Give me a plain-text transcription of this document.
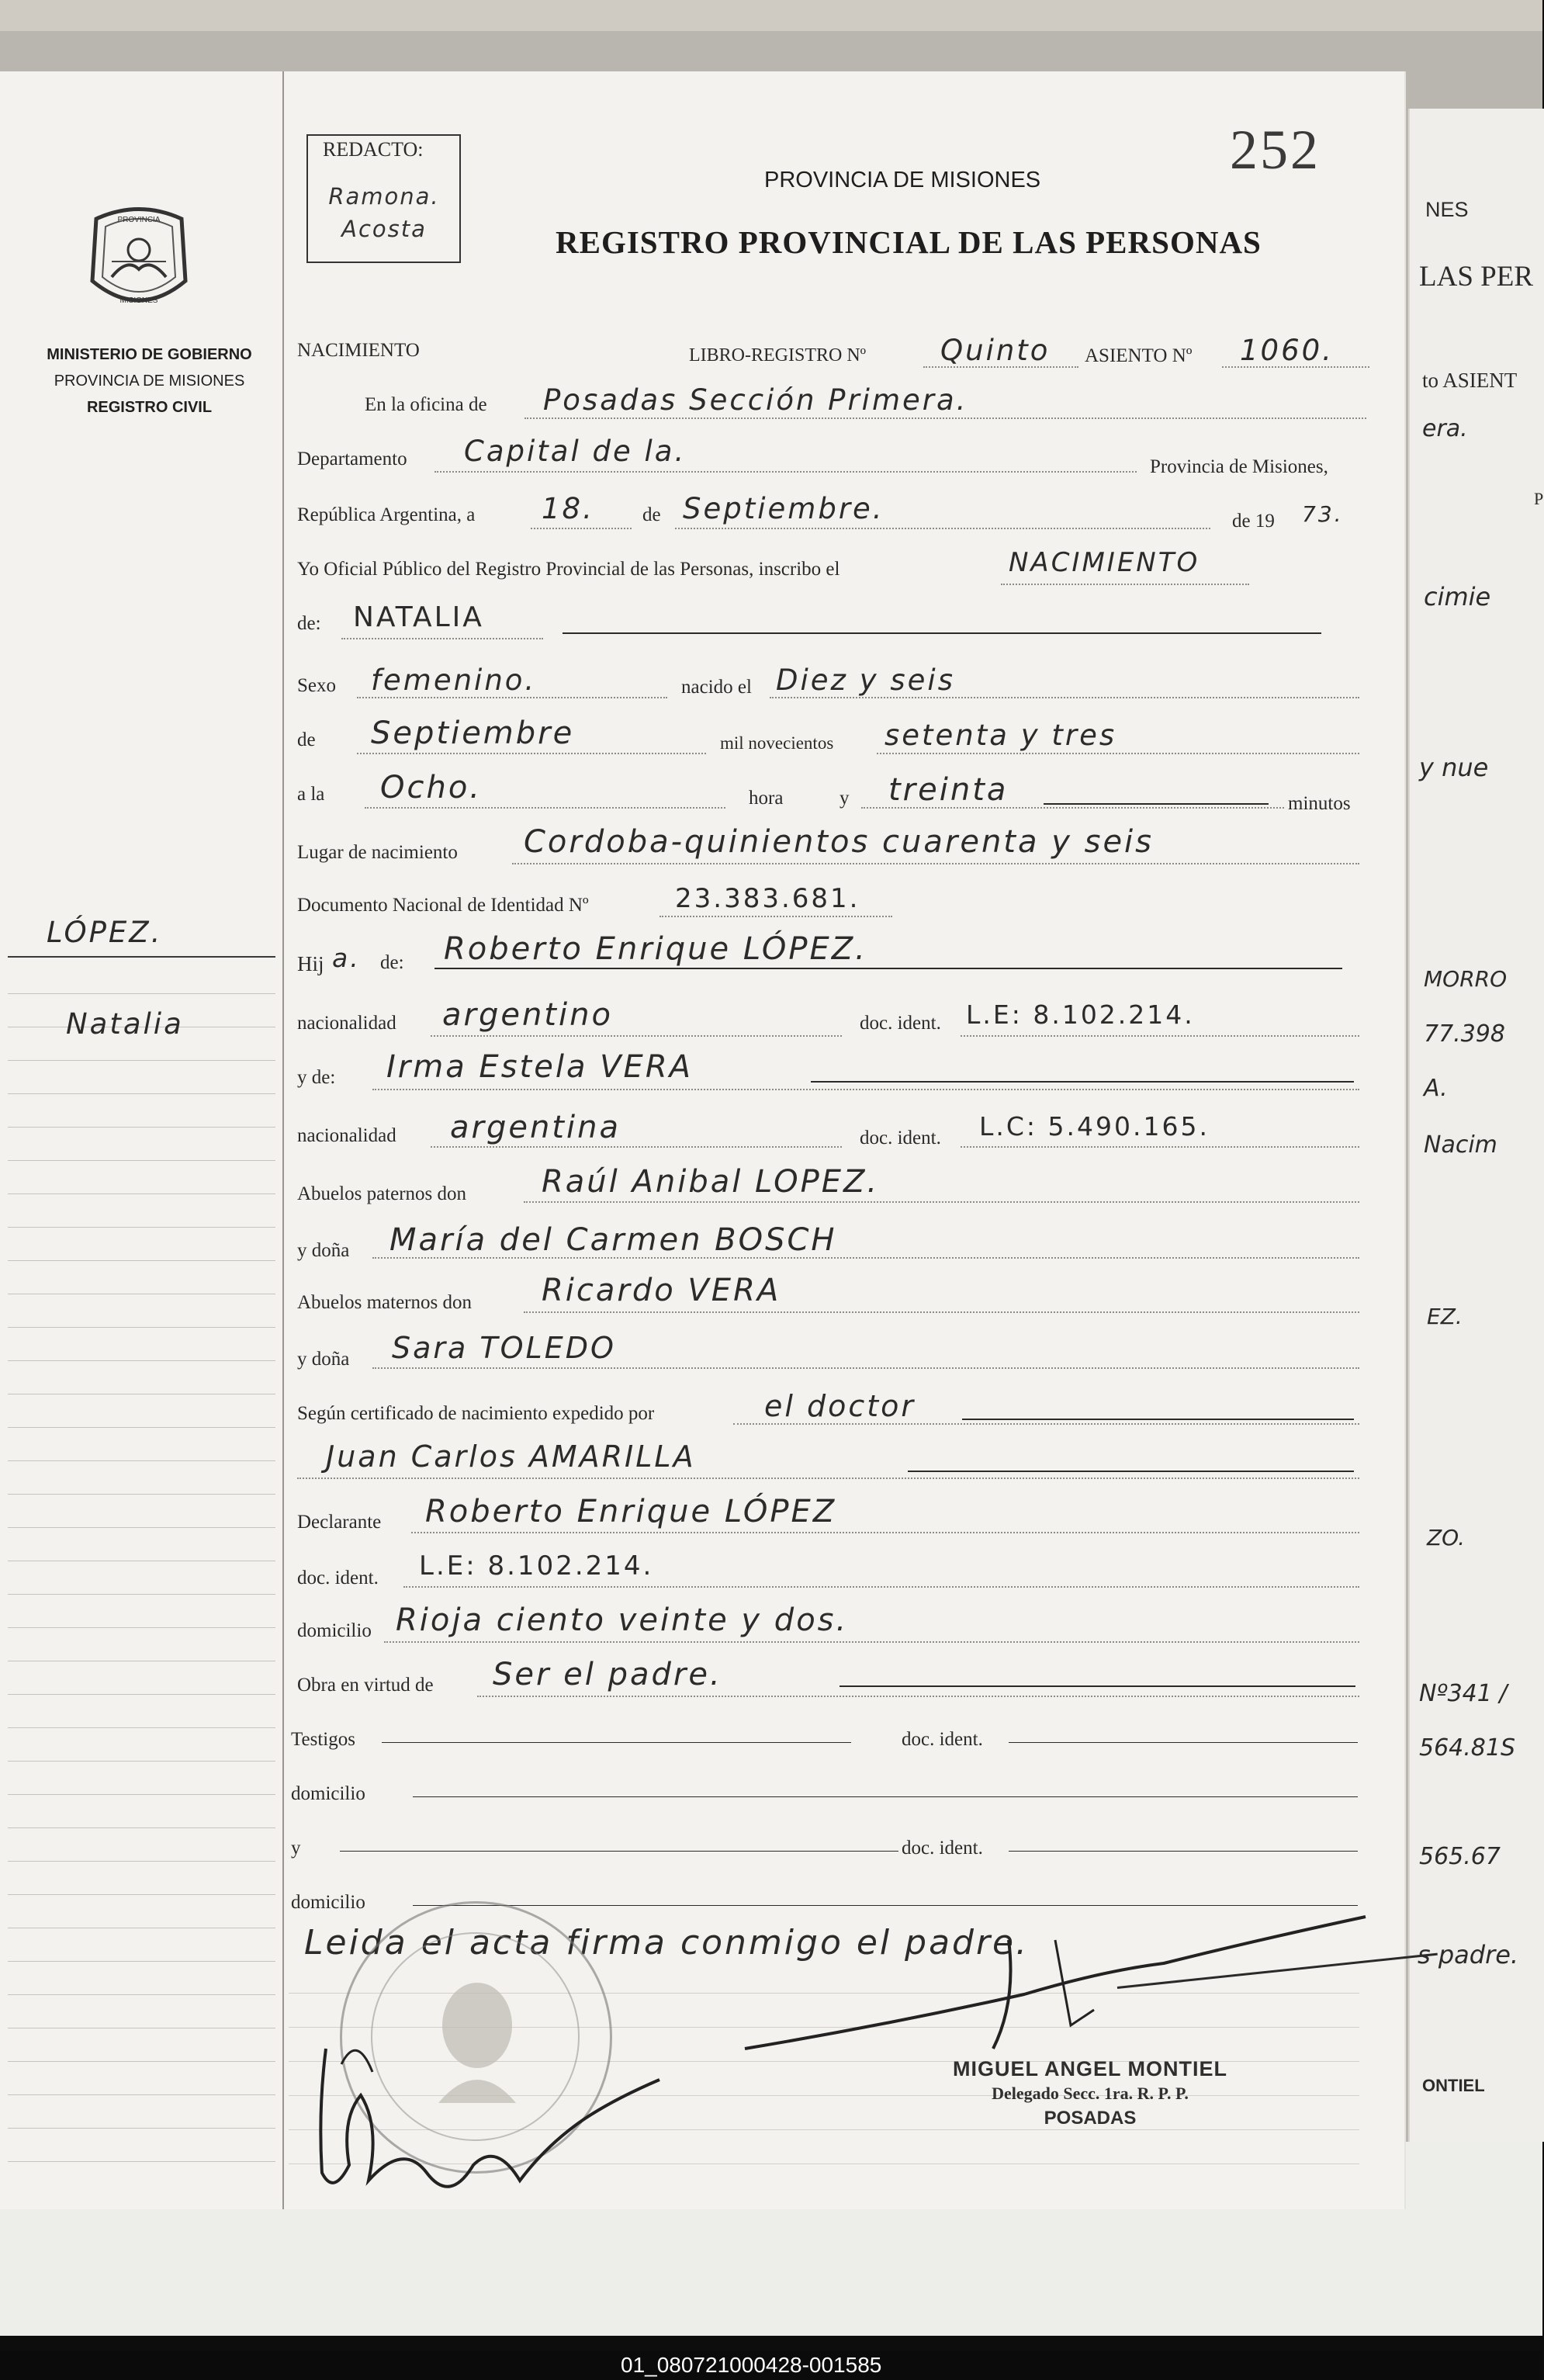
NES
LAS PER
to ASIENT
era.
P
cimie
y nue
MORRO
77.398
A.
Nacim
EZ.
ZO.
Nº341 /
564.81S
565.67
s padre.
ONTIEL
PROVINCIA
MISIONES
MINISTERIO DE GOBIERNO
PROVINCIA DE MISIONES
REGISTRO CIVIL
LÓPEZ.
Natalia
REDACTO:
Ramona. Acosta
252
PROVINCIA DE MISIONES
REGISTRO PROVINCIAL DE LAS PERSONAS
NACIMIENTO	LIBRO-REGISTRO Nº	Quinto ASIENTO Nº 1060.
En la oficina de Posadas Sección Primera.
Departamento Capital de la.	Provincia de Misiones,
República Argentina, a 18. de Septiembre.	de 19 73.
Yo Oficial Público del Registro Provincial de las Personas, inscribo el	NACIMIENTO
de: NATALIA
Sexo femenino.	nacido el Diez y seis
de Septiembre	mil novecientos setenta y tres
a la Ocho.	hora	y treinta	minutos
Lugar de nacimiento Cordoba-quinientos cuarenta y seis
Documento Nacional de Identidad Nº	23.383.681.
Hij a. de: Roberto Enrique LÓPEZ.
nacionalidad argentino	doc. ident. L.E: 8.102.214.
y de: Irma Estela VERA
nacionalidad argentina	doc. ident. L.C: 5.490.165.
Abuelos paternos don Raúl Anibal LOPEZ.
y doña María del Carmen BOSCH
Abuelos maternos don Ricardo VERA
y doña Sara TOLEDO
Según certificado de nacimiento expedido por	el doctor
Juan Carlos AMARILLA
Declarante Roberto Enrique LÓPEZ
doc. ident. L.E: 8.102.214.
domicilio Rioja ciento veinte y dos.
Obra en virtud de Ser el padre.
Testigos	doc. ident.
domicilio
y	doc. ident.
domicilio
Leida el acta firma conmigo el padre.
MIGUEL ANGEL MONTIEL
Delegado Secc. 1ra. R. P. P.
POSADAS
01_080721000428-001585
